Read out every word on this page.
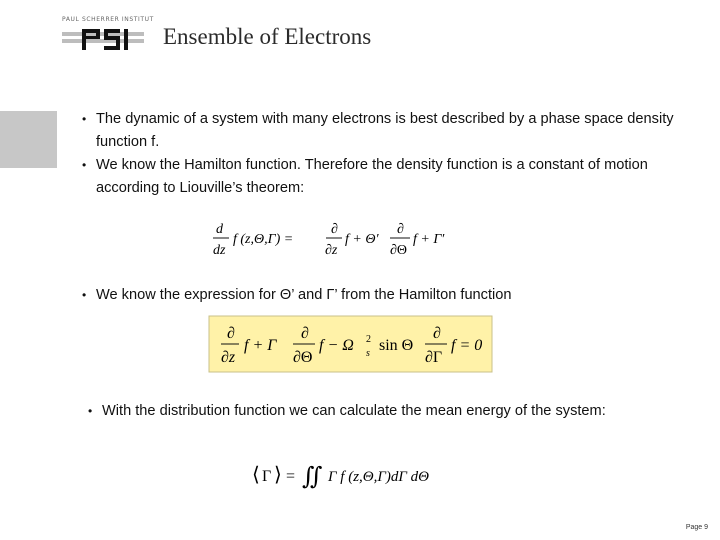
PAUL SCHERRER INSTITUT
Ensemble of Electrons
• The dynamic of a system with many electrons is best described by a phase space density function f.
• We know the Hamilton function. Therefore the density function is a constant of motion according to Liouville’s theorem:
d
dz
f (z,Θ,Γ) =
∂
∂z
f + Θ′
∂
∂Θ
f + Γ′
• We know the expression for Θ’ and Γ’ from the Hamilton function
∂
∂z
f + Γ
∂
∂Θ
f − Ω 2
s sin Θ
∂
∂Γ
f = 0
• With the distribution function we can calculate the mean energy of the system:
⟨ Γ ⟩ = ∬ Γ f (z,Θ,Γ)dΓ dΘ
Page 9
